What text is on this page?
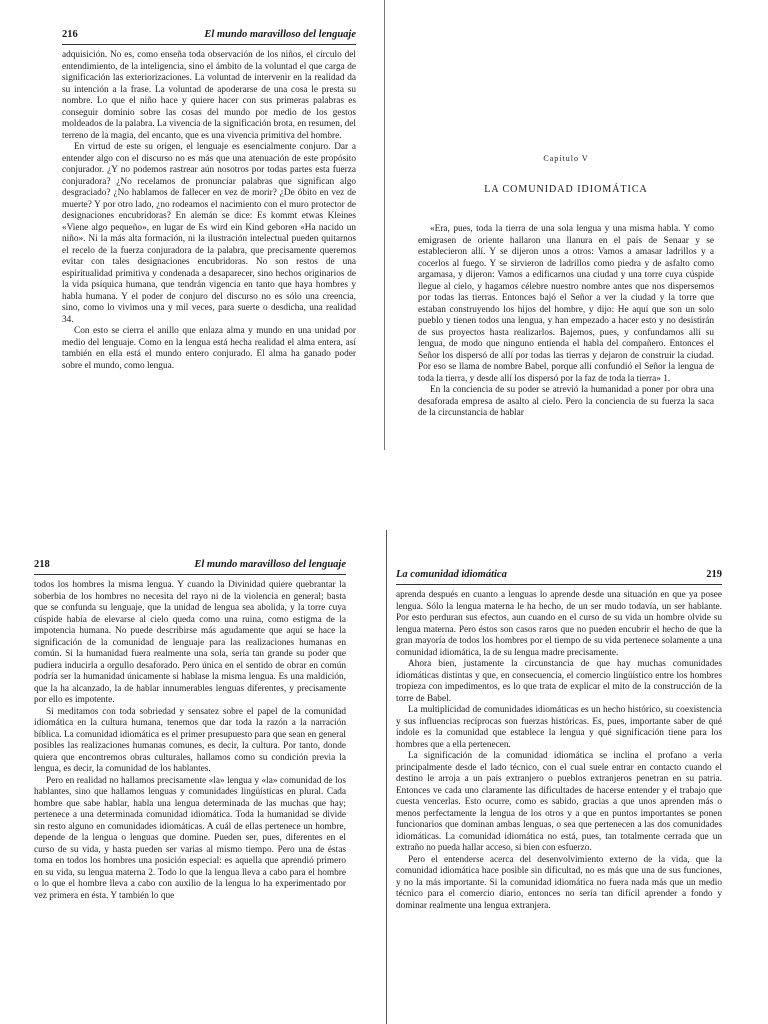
216	El mundo maravilloso del lenguaje

adquisición. No es, como enseña toda observación de los niños, el círculo del entendimiento, de la inteligencia, sino el ámbito de la voluntad el que carga de significación las exteriorizaciones. La voluntad de intervenir en la realidad da su intención a la frase. La voluntad de apoderarse de una cosa le presta su nombre. Lo que el niño hace y quiere hacer con sus primeras palabras es conseguir dominio sobre las cosas del mundo por medio de los gestos moldeados de la palabra. La vivencia de la significación brota, en resumen, del terreno de la magia, del encanto, que es una vivencia primitiva del hombre.

En virtud de este su origen, el lenguaje es esencialmente conjuro. Dar a entender algo con el discurso no es más que una atenuación de este propósito conjurador. ¿Y no podemos rastrear aún nosotros por todas partes esta fuerza conjuradora? ¿No recelamos de pronunciar palabras que significan algo desgraciado? ¿No hablamos de fallecer en vez de morir? ¿De óbito en vez de muerte? Y por otro lado, ¿no rodeamos el nacimiento con el muro protector de designaciones encubridoras? En alemán se dice: Es kommt etwas Kleines «Viene algo pequeño», en lugar de Es wird ein Kind geboren «Ha nacido un niño». Ni la más alta formación, ni la ilustración intelectual pueden quitarnos el recelo de la fuerza conjuradora de la palabra, que precisamente queremos evitar con tales designaciones encubridoras. No son restos de una espiritualidad primitiva y condenada a desaparecer, sino hechos originarios de la vida psíquica humana, que tendrán vigencia en tanto que haya hombres y habla humana. Y el poder de conjuro del discurso no es sólo una creencia, sino, como lo vivimos una y mil veces, para suerte o desdicha, una realidad 34.

Con esto se cierra el anillo que enlaza alma y mundo en una unidad por medio del lenguaje. Como en la lengua está hecha realidad el alma entera, así también en ella está el mundo entero conjurado. El alma ha ganado poder sobre el mundo, como lengua.

Capítulo V
LA COMUNIDAD IDIOMÁTICA

«Era, pues, toda la tierra de una sola lengua y una misma habla. Y como emigrasen de oriente hallaron una llanura en el país de Senaar y se establecieron allí. Y se dijeron unos a otros: Vamos a amasar ladrillos y a cocerlos al fuego. Y se sirvieron de ladrillos como piedra y de asfalto como argamasa, y dijeron: Vamos a edificarnos una ciudad y una torre cuya cúspide llegue al cielo, y hagamos célebre nuestro nombre antes que nos dispersemos por todas las tierras. Entonces bajó el Señor a ver la ciudad y la torre que estaban construyendo los hijos del hombre, y dijo: He aquí que son un solo pueblo y tienen todos una lengua, y han empezado a hacer esto y no desistirán de sus proyectos hasta realizarlos. Bajemos, pues, y confundamos allí su lengua, de modo que ninguno entienda el habla del compañero. Entonces el Señor los dispersó de allí por todas las tierras y dejaron de construir la ciudad. Por eso se llama de nombre Babel, porque allí confundió el Señor la lengua de toda la tierra, y desde allí los dispersó por la faz de toda la tierra» 1.

En la conciencia de su poder se atrevió la humanidad a poner por obra una desaforada empresa de asalto al cielo. Pero la conciencia de su fuerza la saca de la circunstancia de hablar

218	El mundo maravilloso del lenguaje

todos los hombres la misma lengua. Y cuando la Divinidad quiere quebrantar la soberbia de los hombres no necesita del rayo ni de la violencia en general; basta que se confunda su lenguaje, que la unidad de lengua sea abolida, y la torre cuya cúspide había de elevarse al cielo queda como una ruina, como estigma de la impotencia humana. No puede describirse más agudamente que aquí se hace la significación de la comunidad de lenguaje para las realizaciones humanas en común. Si la humanidad fuera realmente una sola, sería tan grande su poder que pudiera inducirla a orgullo desaforado. Pero única en el sentido de obrar en común podría ser la humanidad únicamente si hablase la misma lengua. Es una maldición, que la ha alcanzado, la de hablar innumerables lenguas diferentes, y precisamente por ello es impotente.

Si meditamos con toda sobriedad y sensatez sobre el papel de la comunidad idiomática en la cultura humana, tenemos que dar toda la razón a la narración bíblica. La comunidad idiomática es el primer presupuesto para que sean en general posibles las realizaciones humanas comunes, es decir, la cultura. Por tanto, donde quiera que encontremos obras culturales, hallamos como su condición previa la lengua, es decir, la comunidad de los hablantes.

Pero en realidad no hallamos precisamente «la» lengua y «la» comunidad de los hablantes, sino que hallamos lenguas y comunidades lingüísticas en plural. Cada hombre que sabe hablar, habla una lengua determinada de las muchas que hay; pertenece a una determinada comunidad idiomática. Toda la humanidad se divide sin resto alguno en comunidades idiomáticas. A cuál de ellas pertenece un hombre, depende de la lengua o lenguas que domine. Pueden ser, pues, diferentes en el curso de su vida, y hasta pueden ser varias al mismo tiempo. Pero una de éstas toma en todos los hombres una posición especial: es aquella que aprendió primero en su vida, su lengua materna 2. Todo lo que la lengua lleva a cabo para el hombre o lo que el hombre lleva a cabo con auxilio de la lengua lo ha experimentado por vez primera en ésta. Y también lo que

La comunidad idiomática	219

aprenda después en cuanto a lenguas lo aprende desde una situación en que ya posee lengua. Sólo la lengua materna le ha hecho, de un ser mudo todavía, un ser hablante. Por esto perduran sus efectos, aun cuando en el curso de su vida un hombre olvide su lengua materna. Pero éstos son casos raros que no pueden encubrir el hecho de que la gran mayoría de todos los hombres por el tiempo de su vida pertenece solamente a una comunidad idiomática, la de su lengua madre precisamente.

Ahora bien, justamente la circunstancia de que hay muchas comunidades idiomáticas distintas y que, en consecuencia, el comercio lingüístico entre los hombres tropieza con impedimentos, es lo que trata de explicar el mito de la construcción de la torre de Babel.

La multiplicidad de comunidades idiomáticas es un hecho histórico, su coexistencia y sus influencias recíprocas son fuerzas históricas. Es, pues, importante saber de qué índole es la comunidad que establece la lengua y qué significación tiene para los hombres que a ella pertenecen.

La significación de la comunidad idiomática se inclina el profano a verla principalmente desde el lado técnico, con el cual suele entrar en contacto cuando el destino le arroja a un país extranjero o pueblos extranjeros penetran en su patria. Entonces ve cada uno claramente las dificultades de hacerse entender y el trabajo que cuesta vencerlas. Esto ocurre, como es sabido, gracias a que unos aprenden más o menos perfectamente la lengua de los otros y a que en puntos importantes se ponen funcionarios que dominan ambas lenguas, o sea que pertenecen a las dos comunidades idiomáticas. La comunidad idiomática no está, pues, tan totalmente cerrada que un extraño no pueda hallar acceso, si bien con esfuerzo.

Pero el entenderse acerca del desenvolvimiento externo de la vida, que la comunidad idiomática hace posible sin dificultad, no es más que una de sus funciones, y no la más importante. Si la comunidad idiomática no fuera nada más que un medio técnico para el comercio diario, entonces no sería tan difícil aprender a fondo y dominar realmente una lengua extranjera.
